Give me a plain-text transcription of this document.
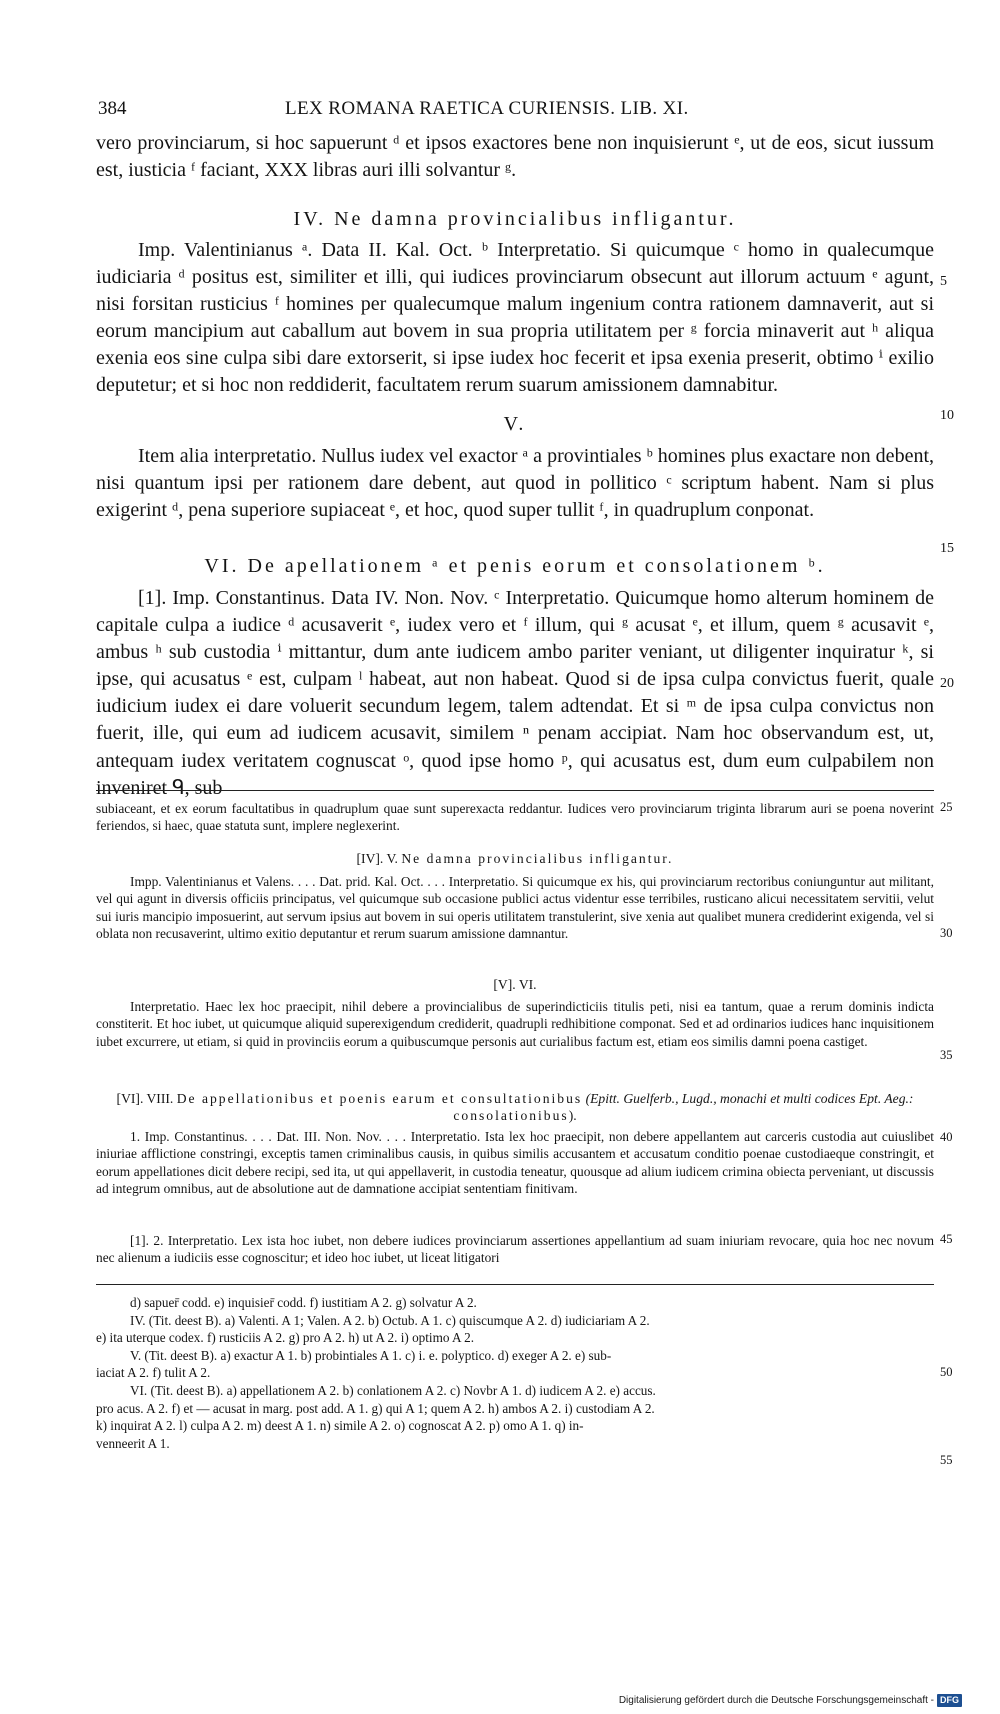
384	LEX ROMANA RAETICA CURIENSIS. LIB. XI.
vero provinciarum, si hoc sapuerunt ᵈ et ipsos exactores bene non inquisierunt ᵉ, ut de eos, sicut iussum est, iusticia ᶠ faciant, XXX libras auri illi solvantur ᵍ.
IV. Ne damna provincialibus infligantur.
Imp. Valentinianus ᵃ. Data II. Kal. Oct. ᵇ Interpretatio. Si quicumque ᶜ homo in qualecumque iudiciaria ᵈ positus est, similiter et illi, qui iudices provinciarum obsecunt aut illorum actuum ᵉ agunt, nisi forsitan rusticius ᶠ homines per qualecumque malum ingenium contra rationem damnaverit, aut si eorum mancipium aut caballum aut bovem in sua propria utilitatem per ᵍ forcia minaverit aut ʰ aliqua exenia eos sine culpa sibi dare extorserit, si ipse iudex hoc fecerit et ipsa exenia preserit, obtimo ⁱ exilio deputetur; et si hoc non reddiderit, facultatem rerum suarum amissionem damnabitur.
V.
Item alia interpretatio. Nullus iudex vel exactor ᵃ a provintiales ᵇ homines plus exactare non debent, nisi quantum ipsi per rationem dare debent, aut quod in pollitico ᶜ scriptum habent. Nam si plus exigerint ᵈ, pena superiore supiaceat ᵉ, et hoc, quod super tullit ᶠ, in quadruplum conponat.
VI. De apellationem ᵃ et penis eorum et consolationem ᵇ.
[1]. Imp. Constantinus. Data IV. Non. Nov. ᶜ Interpretatio. Quicumque homo alterum hominem de capitale culpa a iudice ᵈ acusaverit ᵉ, iudex vero et ᶠ illum, qui ᵍ acusat ᵉ, et illum, quem ᵍ acusavit ᵉ, ambus ʰ sub custodia ⁱ mittantur, dum ante iudicem ambo pariter veniant, ut diligenter inquiratur ᵏ, si ipse, qui acusatus ᵉ est, culpam ˡ habeat, aut non habeat. Quod si de ipsa culpa convictus fuerit, quale iudicium iudex ei dare voluerit secundum legem, talem adtendat. Et si ᵐ de ipsa culpa convictus non fuerit, ille, qui eum ad iudicem acusavit, similem ⁿ penam accipiat. Nam hoc observandum est, ut, antequam iudex veritatem cognuscat ᵒ, quod ipse homo ᵖ, qui acusatus est, dum eum culpabilem non inveniret ᑫ, sub
5
10
15
20
subiaceant, et ex eorum facultatibus in quadruplum quae sunt superexacta reddantur. Iudices vero provinciarum triginta librarum auri se poena noverint feriendos, si haec, quae statuta sunt, implere neglexerint.
[IV]. V. Ne damna provincialibus infligantur.
Impp. Valentinianus et Valens. . . . Dat. prid. Kal. Oct. . . . Interpretatio. Si quicumque ex his, qui provinciarum rectoribus coniunguntur aut militant, vel qui agunt in diversis officiis principatus, vel quicumque sub occasione publici actus videntur esse terribiles, rusticano alicui necessitatem servitii, velut sui iuris mancipio imposuerint, aut servum ipsius aut bovem in sui operis utilitatem transtulerint, sive xenia aut qualibet munera crediderint exigenda, vel si oblata non recusaverint, ultimo exitio deputantur et rerum suarum amissione damnantur.
[V]. VI.
Interpretatio. Haec lex hoc praecipit, nihil debere a provincialibus de superindicticiis titulis peti, nisi ea tantum, quae a rerum dominis indicta constiterit. Et hoc iubet, ut quicumque aliquid superexigendum crediderit, quadrupli redhibitione componat. Sed et ad ordinarios iudices hanc inquisitionem iubet excurrere, ut etiam, si quid in provinciis eorum a quibuscumque personis aut curialibus factum est, etiam eos similis damni poena castiget.
[VI]. VIII. De appellationibus et poenis earum et consultationibus (Epitt. Guelferb., Lugd., monachi et multi codices Ept. Aeg.: consolationibus).
1. Imp. Constantinus. . . . Dat. III. Non. Nov. . . . Interpretatio. Ista lex hoc praecipit, non debere appellantem aut carceris custodia aut cuiuslibet iniuriae afflictione constringi, exceptis tamen criminalibus causis, in quibus similis accusantem et accusatum conditio poenae custodiaeque constringit, et eorum appellationes dicit debere recipi, sed ita, ut qui appellaverit, in custodia teneatur, quousque ad alium iudicem crimina obiecta perveniant, ut discussis ad integrum omnibus, aut de absolutione aut de damnatione accipiat sententiam finitivam.
[1]. 2. Interpretatio. Lex ista hoc iubet, non debere iudices provinciarum assertiones appellantium ad suam iniuriam revocare, quia hoc nec novum nec alienum a iudiciis esse cognoscitur; et ideo hoc iubet, ut liceat litigatori
25
30
35
40
45
d) sapuer̄ codd. e) inquisier̄ codd. f) iustitiam A 2. g) solvatur A 2.
IV. (Tit. deest B). a) Valenti. A 1; Valen. A 2. b) Octub. A 1. c) quiscumque A 2. d) iudiciariam A 2.
e) ita uterque codex. f) rusticiis A 2. g) pro A 2. h) ut A 2. i) optimo A 2.
V. (Tit. deest B). a) exactur A 1. b) probintiales A 1. c) i. e. polyptico. d) exeger A 2. e) sub-
iaciat A 2. f) tulit A 2.
VI. (Tit. deest B). a) appellationem A 2. b) conlationem A 2. c) Novbr A 1. d) iudicem A 2. e) accus.
pro acus. A 2. f) et — acusat in marg. post add. A 1. g) qui A 1; quem A 2. h) ambos A 2. i) custodiam A 2.
k) inquirat A 2. l) culpa A 2. m) deest A 1. n) simile A 2. o) cognoscat A 2. p) omo A 1. q) in-
venneerit A 1.
50
55
Digitalisierung gefördert durch die Deutsche Forschungsgemeinschaft - DFG
